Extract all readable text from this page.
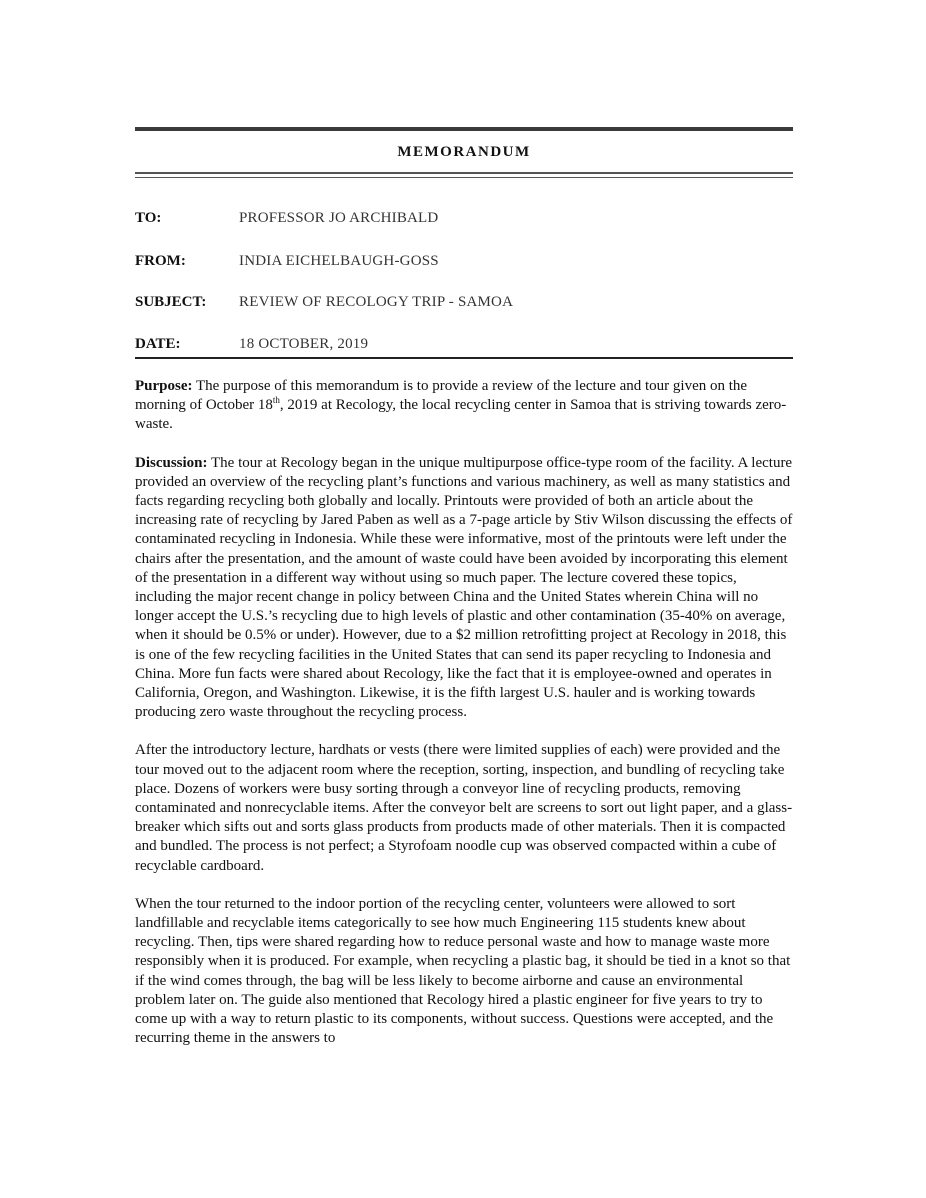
MEMORANDUM
TO:	PROFESSOR JO ARCHIBALD
FROM:	INDIA EICHELBAUGH-GOSS
SUBJECT: REVIEW OF RECOLOGY TRIP - SAMOA
DATE:	18 OCTOBER, 2019

Purpose: The purpose of this memorandum is to provide a review of the lecture and tour given on the morning of October 18th, 2019 at Recology, the local recycling center in Samoa that is striving towards zero-waste.

Discussion: The tour at Recology began in the unique multipurpose office-type room of the facility. A lecture provided an overview of the recycling plant’s functions and various machinery, as well as many statistics and facts regarding recycling both globally and locally. Printouts were provided of both an article about the increasing rate of recycling by Jared Paben as well as a 7-page article by Stiv Wilson discussing the effects of contaminated recycling in Indonesia. While these were informative, most of the printouts were left under the chairs after the presentation, and the amount of waste could have been avoided by incorporating this element of the presentation in a different way without using so much paper. The lecture covered these topics, including the major recent change in policy between China and the United States wherein China will no longer accept the U.S.’s recycling due to high levels of plastic and other contamination (35-40% on average, when it should be 0.5% or under). However, due to a $2 million retrofitting project at Recology in 2018, this is one of the few recycling facilities in the United States that can send its paper recycling to Indonesia and China. More fun facts were shared about Recology, like the fact that it is employee-owned and operates in California, Oregon, and Washington. Likewise, it is the fifth largest U.S. hauler and is working towards producing zero waste throughout the recycling process.

After the introductory lecture, hardhats or vests (there were limited supplies of each) were provided and the tour moved out to the adjacent room where the reception, sorting, inspection, and bundling of recycling take place. Dozens of workers were busy sorting through a conveyor line of recycling products, removing contaminated and nonrecyclable items. After the conveyor belt are screens to sort out light paper, and a glass-breaker which sifts out and sorts glass products from products made of other materials. Then it is compacted and bundled. The process is not perfect; a Styrofoam noodle cup was observed compacted within a cube of recyclable cardboard.

When the tour returned to the indoor portion of the recycling center, volunteers were allowed to sort landfillable and recyclable items categorically to see how much Engineering 115 students knew about recycling. Then, tips were shared regarding how to reduce personal waste and how to manage waste more responsibly when it is produced. For example, when recycling a plastic bag, it should be tied in a knot so that if the wind comes through, the bag will be less likely to become airborne and cause an environmental problem later on. The guide also mentioned that Recology hired a plastic engineer for five years to try to come up with a way to return plastic to its components, without success. Questions were accepted, and the recurring theme in the answers to
